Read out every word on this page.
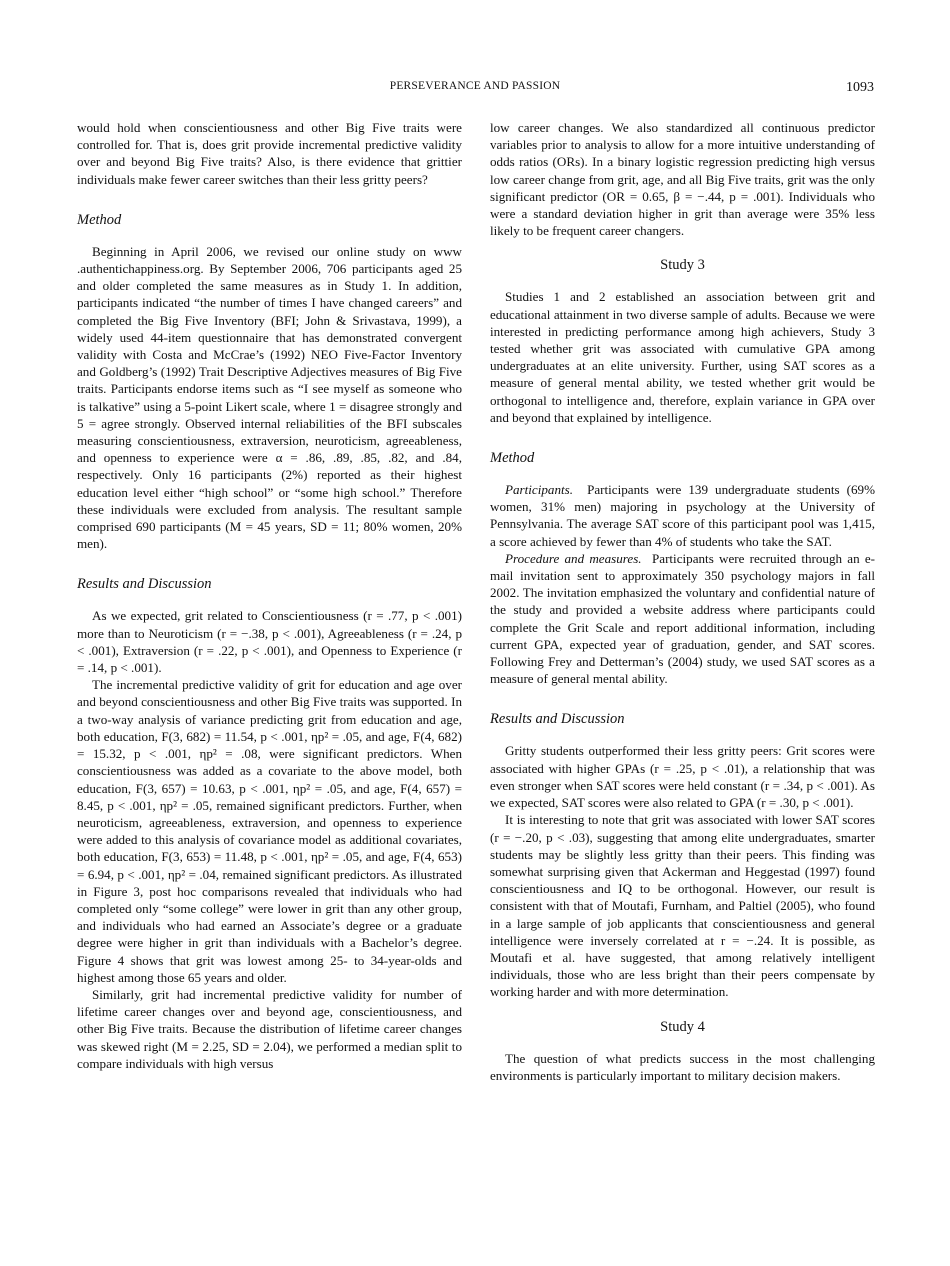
PERSEVERANCE AND PASSION	1093

would hold when conscientiousness and other Big Five traits were controlled for. That is, does grit provide incremental predictive validity over and beyond Big Five traits? Also, is there evidence that grittier individuals make fewer career switches than their less gritty peers?

Method

Beginning in April 2006, we revised our online study on www .authentichappiness.org. By September 2006, 706 participants aged 25 and older completed the same measures as in Study 1. In addition, participants indicated “the number of times I have changed careers” and completed the Big Five Inventory (BFI; John & Srivastava, 1999), a widely used 44-item questionnaire that has demonstrated convergent validity with Costa and McCrae’s (1992) NEO Five-Factor Inventory and Goldberg’s (1992) Trait Descriptive Adjectives measures of Big Five traits. Participants endorse items such as “I see myself as someone who is talkative” using a 5-point Likert scale, where 1 = disagree strongly and 5 = agree strongly. Observed internal reliabilities of the BFI subscales measuring conscientiousness, extraversion, neuroticism, agreeableness, and openness to experience were α = .86, .89, .85, .82, and .84, respectively. Only 16 participants (2%) reported as their highest education level either “high school” or “some high school.” Therefore these individuals were excluded from analysis. The resultant sample comprised 690 participants (M = 45 years, SD = 11; 80% women, 20% men).

Results and Discussion

As we expected, grit related to Conscientiousness (r = .77, p < .001) more than to Neuroticism (r = −.38, p < .001), Agreeableness (r = .24, p < .001), Extraversion (r = .22, p < .001), and Openness to Experience (r = .14, p < .001).

The incremental predictive validity of grit for education and age over and beyond conscientiousness and other Big Five traits was supported. In a two-way analysis of variance predicting grit from education and age, both education, F(3, 682) = 11.54, p < .001, ηp² = .05, and age, F(4, 682) = 15.32, p < .001, ηp² = .08, were significant predictors. When conscientiousness was added as a covariate to the above model, both education, F(3, 657) = 10.63, p < .001, ηp² = .05, and age, F(4, 657) = 8.45, p < .001, ηp² = .05, remained significant predictors. Further, when neuroticism, agreeableness, extraversion, and openness to experience were added to this analysis of covariance model as additional covariates, both education, F(3, 653) = 11.48, p < .001, ηp² = .05, and age, F(4, 653) = 6.94, p < .001, ηp² = .04, remained significant predictors. As illustrated in Figure 3, post hoc comparisons revealed that individuals who had completed only “some college” were lower in grit than any other group, and individuals who had earned an Associate’s degree or a graduate degree were higher in grit than individuals with a Bachelor’s degree. Figure 4 shows that grit was lowest among 25- to 34-year-olds and highest among those 65 years and older.

Similarly, grit had incremental predictive validity for number of lifetime career changes over and beyond age, conscientiousness, and other Big Five traits. Because the distribution of lifetime career changes was skewed right (M = 2.25, SD = 2.04), we performed a median split to compare individuals with high versus

low career changes. We also standardized all continuous predictor variables prior to analysis to allow for a more intuitive understanding of odds ratios (ORs). In a binary logistic regression predicting high versus low career change from grit, age, and all Big Five traits, grit was the only significant predictor (OR = 0.65, β = −.44, p = .001). Individuals who were a standard deviation higher in grit than average were 35% less likely to be frequent career changers.

Study 3

Studies 1 and 2 established an association between grit and educational attainment in two diverse sample of adults. Because we were interested in predicting performance among high achievers, Study 3 tested whether grit was associated with cumulative GPA among undergraduates at an elite university. Further, using SAT scores as a measure of general mental ability, we tested whether grit would be orthogonal to intelligence and, therefore, explain variance in GPA over and beyond that explained by intelligence.

Method

Participants. Participants were 139 undergraduate students (69% women, 31% men) majoring in psychology at the University of Pennsylvania. The average SAT score of this participant pool was 1,415, a score achieved by fewer than 4% of students who take the SAT.

Procedure and measures. Participants were recruited through an e-mail invitation sent to approximately 350 psychology majors in fall 2002. The invitation emphasized the voluntary and confidential nature of the study and provided a website address where participants could complete the Grit Scale and report additional information, including current GPA, expected year of graduation, gender, and SAT scores. Following Frey and Detterman’s (2004) study, we used SAT scores as a measure of general mental ability.

Results and Discussion

Gritty students outperformed their less gritty peers: Grit scores were associated with higher GPAs (r = .25, p < .01), a relationship that was even stronger when SAT scores were held constant (r = .34, p < .001). As we expected, SAT scores were also related to GPA (r = .30, p < .001).

It is interesting to note that grit was associated with lower SAT scores (r = −.20, p < .03), suggesting that among elite undergraduates, smarter students may be slightly less gritty than their peers. This finding was somewhat surprising given that Ackerman and Heggestad (1997) found conscientiousness and IQ to be orthogonal. However, our result is consistent with that of Moutafi, Furnham, and Paltiel (2005), who found in a large sample of job applicants that conscientiousness and general intelligence were inversely correlated at r = −.24. It is possible, as Moutafi et al. have suggested, that among relatively intelligent individuals, those who are less bright than their peers compensate by working harder and with more determination.

Study 4

The question of what predicts success in the most challenging environments is particularly important to military decision makers.
